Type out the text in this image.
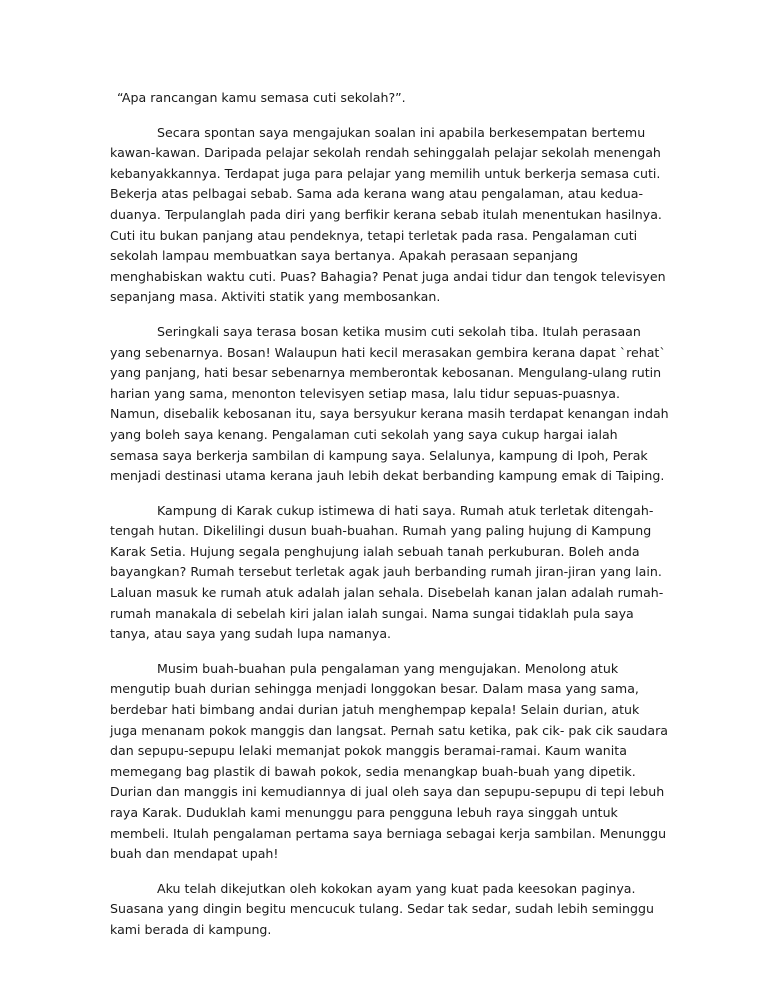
“Apa rancangan kamu semasa cuti sekolah?”.

Secara spontan saya mengajukan soalan ini apabila berkesempatan bertemu kawan-kawan. Daripada pelajar sekolah rendah sehinggalah pelajar sekolah menengah kebanyakkannya. Terdapat juga para pelajar yang memilih untuk berkerja semasa cuti. Bekerja atas pelbagai sebab. Sama ada kerana wang atau pengalaman, atau kedua-duanya. Terpulanglah pada diri yang berfikir kerana sebab itulah menentukan hasilnya. Cuti itu bukan panjang atau pendeknya, tetapi terletak pada rasa. Pengalaman cuti sekolah lampau membuatkan saya bertanya. Apakah perasaan sepanjang menghabiskan waktu cuti. Puas? Bahagia? Penat juga andai tidur dan tengok televisyen sepanjang masa. Aktiviti statik yang membosankan.

Seringkali saya terasa bosan ketika musim cuti sekolah tiba. Itulah perasaan yang sebenarnya. Bosan! Walaupun hati kecil merasakan gembira kerana dapat `rehat` yang panjang, hati besar sebenarnya memberontak kebosanan. Mengulang-ulang rutin harian yang sama, menonton televisyen setiap masa, lalu tidur sepuas-puasnya. Namun, disebalik kebosanan itu, saya bersyukur kerana masih terdapat kenangan indah yang boleh saya kenang. Pengalaman cuti sekolah yang saya cukup hargai ialah semasa saya berkerja sambilan di kampung saya. Selalunya, kampung di Ipoh, Perak menjadi destinasi utama kerana jauh lebih dekat berbanding kampung emak di Taiping.

Kampung di Karak cukup istimewa di hati saya. Rumah atuk terletak ditengah-tengah hutan. Dikelilingi dusun buah-buahan. Rumah yang paling hujung di Kampung Karak Setia. Hujung segala penghujung ialah sebuah tanah perkuburan. Boleh anda bayangkan? Rumah tersebut terletak agak jauh berbanding rumah jiran-jiran yang lain. Laluan masuk ke rumah atuk adalah jalan sehala. Disebelah kanan jalan adalah rumah-rumah manakala di sebelah kiri jalan ialah sungai. Nama sungai tidaklah pula saya tanya, atau saya yang sudah lupa namanya.

Musim buah-buahan pula pengalaman yang mengujakan. Menolong atuk mengutip buah durian sehingga menjadi longgokan besar. Dalam masa yang sama, berdebar hati bimbang andai durian jatuh menghempap kepala! Selain durian, atuk juga menanam pokok manggis dan langsat. Pernah satu ketika, pak cik- pak cik saudara dan sepupu-sepupu lelaki memanjat pokok manggis beramai-ramai. Kaum wanita memegang bag plastik di bawah pokok, sedia menangkap buah-buah yang dipetik. Durian dan manggis ini kemudiannya di jual oleh saya dan sepupu-sepupu di tepi lebuh raya Karak. Duduklah kami menunggu para pengguna lebuh raya singgah untuk membeli. Itulah pengalaman pertama saya berniaga sebagai kerja sambilan. Menunggu buah dan mendapat upah!

Aku telah dikejutkan oleh kokokan ayam yang kuat pada keesokan paginya. Suasana yang dingin begitu mencucuk tulang. Sedar tak sedar, sudah lebih seminggu kami berada di kampung.
